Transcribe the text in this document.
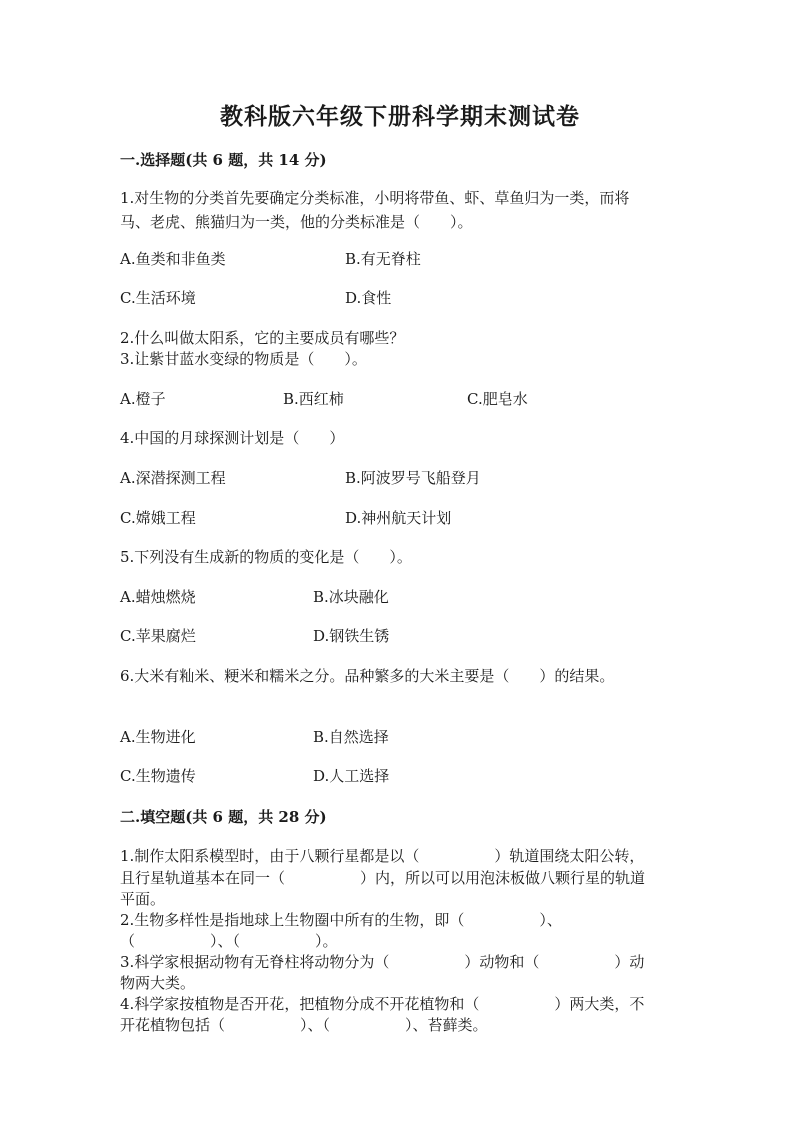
教科版六年级下册科学期末测试卷
一.选择题(共 6 题，共 14 分)
1.对生物的分类首先要确定分类标准，小明将带鱼、虾、草鱼归为一类，而将
马、老虎、熊猫归为一类，他的分类标准是（　　）。
A.鱼类和非鱼类	B.有无脊柱
C.生活环境	D.食性
2.什么叫做太阳系，它的主要成员有哪些？
3.让紫甘蓝水变绿的物质是（　　）。
A.橙子	B.西红柿	C.肥皂水
4.中国的月球探测计划是（　　）
A.深潜探测工程	B.阿波罗号飞船登月
C.嫦娥工程	D.神州航天计划
5.下列没有生成新的物质的变化是（　　）。
A.蜡烛燃烧	B.冰块融化
C.苹果腐烂	D.钢铁生锈
6.大米有籼米、粳米和糯米之分。品种繁多的大米主要是（　　）的结果。
A.生物进化	B.自然选择
C.生物遗传	D.人工选择
二.填空题(共 6 题，共 28 分)
1.制作太阳系模型时，由于八颗行星都是以（　　　　　）轨道围绕太阳公转，
且行星轨道基本在同一（　　　　　）内，所以可以用泡沫板做八颗行星的轨道
平面。
2.生物多样性是指地球上生物圈中所有的生物，即（　　　　　）、
（　　　　　）、（　　　　　）。
3.科学家根据动物有无脊柱将动物分为（　　　　　）动物和（　　　　　）动
物两大类。
4.科学家按植物是否开花，把植物分成不开花植物和（　　　　　）两大类，不
开花植物包括（　　　　　）、（　　　　　）、苔藓类。
